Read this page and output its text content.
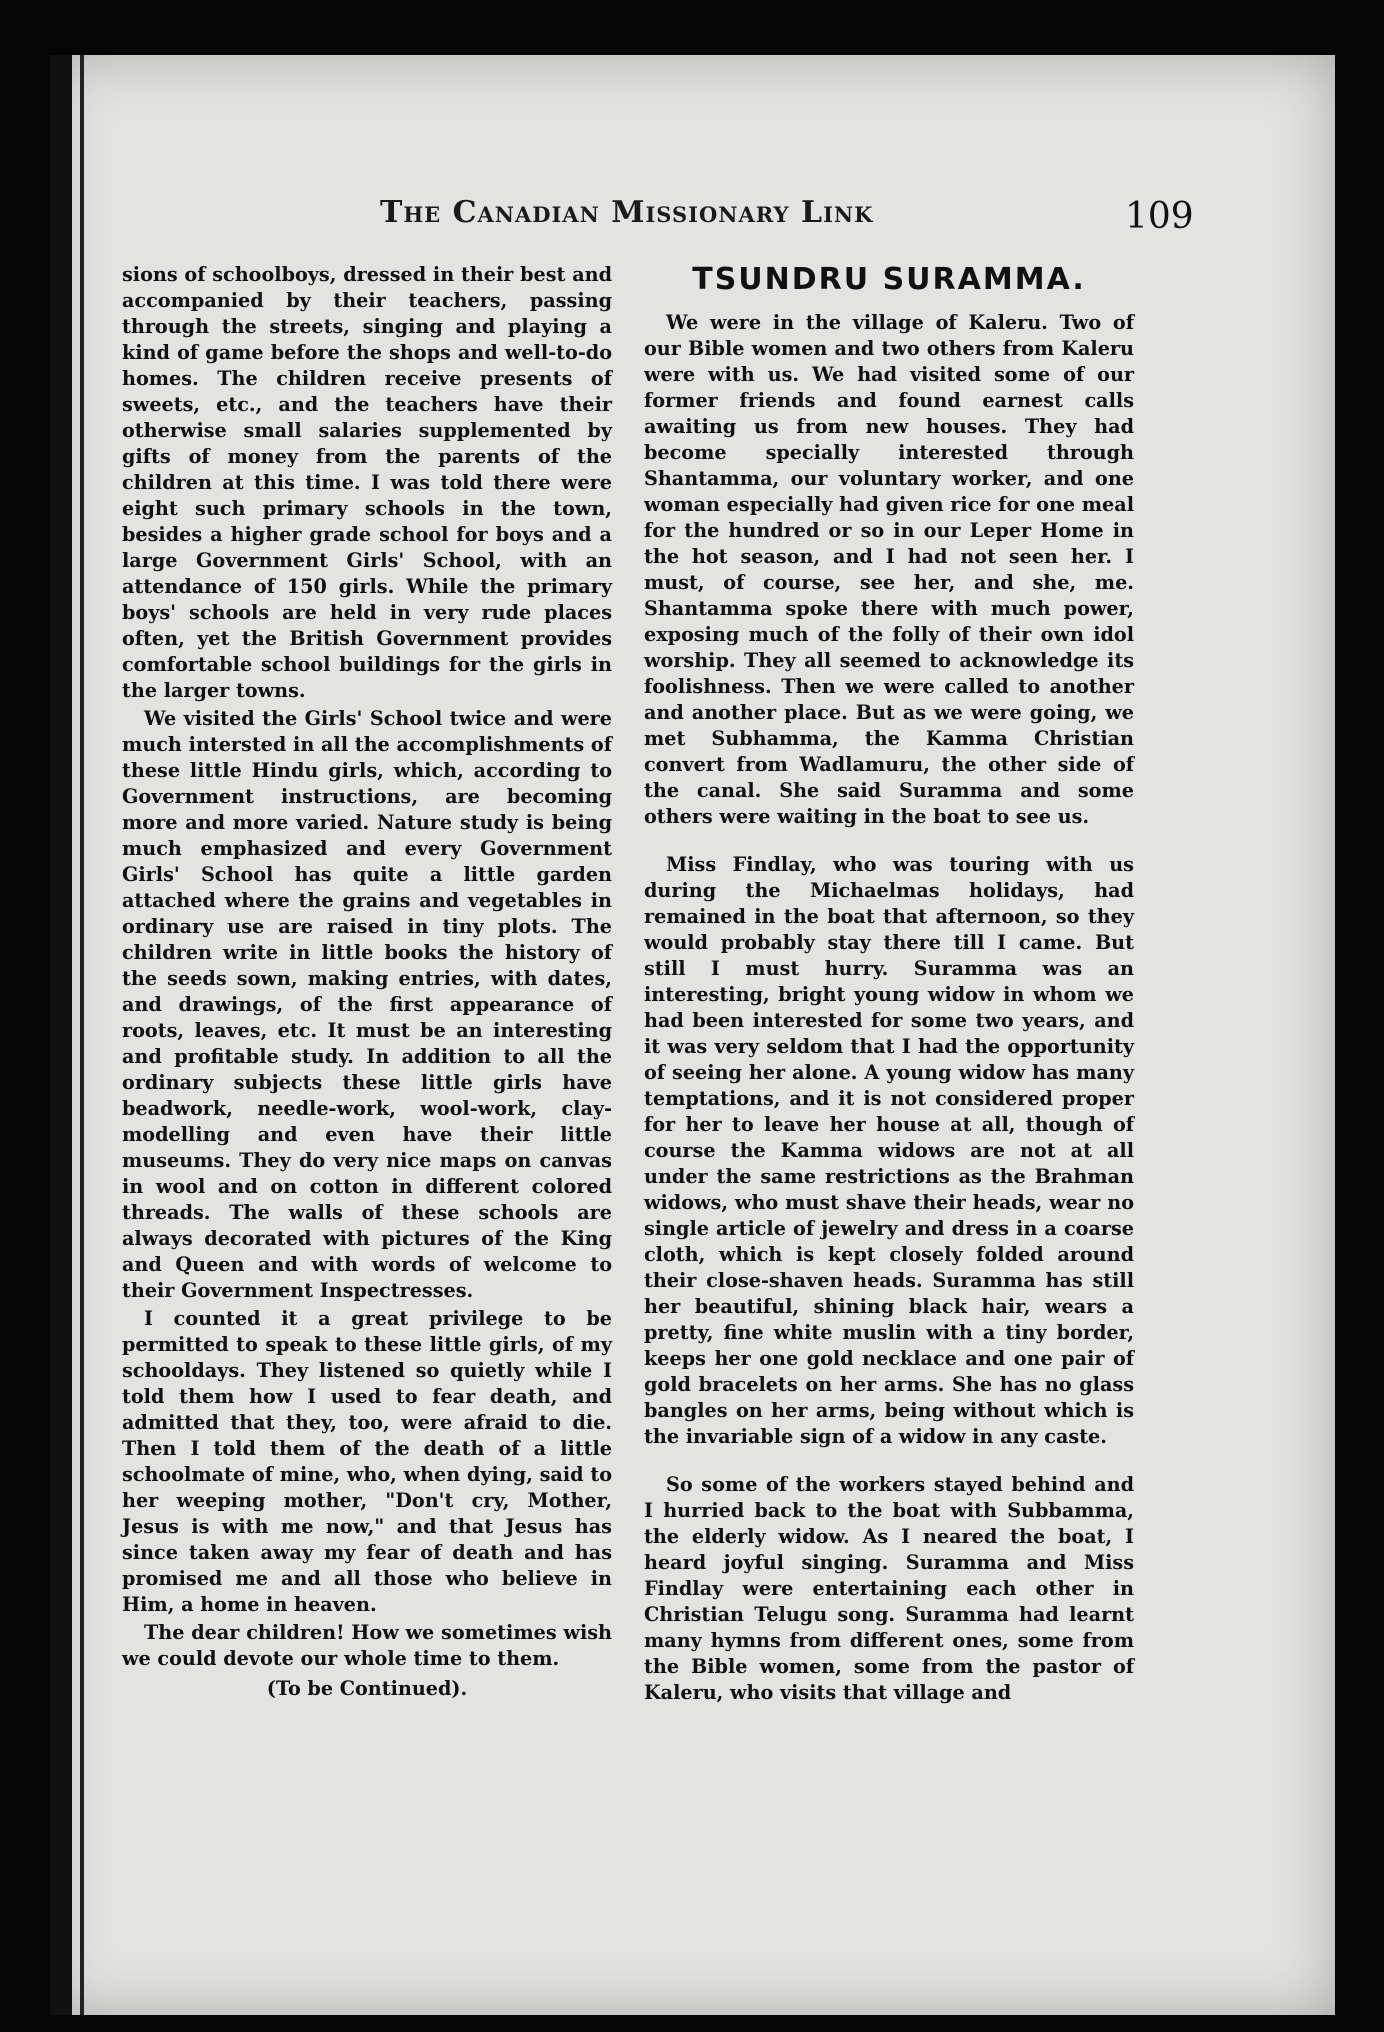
The Canadian Missionary Link	109

sions of schoolboys, dressed in their best and accompanied by their teachers, passing through the streets, singing and playing a kind of game before the shops and well-to-do homes. The children receive presents of sweets, etc., and the teachers have their otherwise small salaries supplemented by gifts of money from the parents of the children at this time. I was told there were eight such primary schools in the town, besides a higher grade school for boys and a large Government Girls' School, with an attendance of 150 girls. While the primary boys' schools are held in very rude places often, yet the British Government provides comfortable school buildings for the girls in the larger towns.

We visited the Girls' School twice and were much intersted in all the accomplishments of these little Hindu girls, which, according to Government instructions, are becoming more and more varied. Nature study is being much emphasized and every Government Girls' School has quite a little garden attached where the grains and vegetables in ordinary use are raised in tiny plots. The children write in little books the history of the seeds sown, making entries, with dates, and drawings, of the first appearance of roots, leaves, etc. It must be an interesting and profitable study. In addition to all the ordinary subjects these little girls have beadwork, needle-work, wool-work, clay-modelling and even have their little museums. They do very nice maps on canvas in wool and on cotton in different colored threads. The walls of these schools are always decorated with pictures of the King and Queen and with words of welcome to their Government Inspectresses.

I counted it a great privilege to be permitted to speak to these little girls, of my schooldays. They listened so quietly while I told them how I used to fear death, and admitted that they, too, were afraid to die. Then I told them of the death of a little schoolmate of mine, who, when dying, said to her weeping mother, "Don't cry, Mother, Jesus is with me now," and that Jesus has since taken away my fear of death and has promised me and all those who believe in Him, a home in heaven.

The dear children! How we sometimes wish we could devote our whole time to them.

(To be Continued).

TSUNDRU SURAMMA.

We were in the village of Kaleru. Two of our Bible women and two others from Kaleru were with us. We had visited some of our former friends and found earnest calls awaiting us from new houses. They had become specially interested through Shantamma, our voluntary worker, and one woman especially had given rice for one meal for the hundred or so in our Leper Home in the hot season, and I had not seen her. I must, of course, see her, and she, me. Shantamma spoke there with much power, exposing much of the folly of their own idol worship. They all seemed to acknowledge its foolishness. Then we were called to another and another place. But as we were going, we met Subhamma, the Kamma Christian convert from Wadlamuru, the other side of the canal. She said Suramma and some others were waiting in the boat to see us.

Miss Findlay, who was touring with us during the Michaelmas holidays, had remained in the boat that afternoon, so they would probably stay there till I came. But still I must hurry. Suramma was an interesting, bright young widow in whom we had been interested for some two years, and it was very seldom that I had the opportunity of seeing her alone. A young widow has many temptations, and it is not considered proper for her to leave her house at all, though of course the Kamma widows are not at all under the same restrictions as the Brahman widows, who must shave their heads, wear no single article of jewelry and dress in a coarse cloth, which is kept closely folded around their close-shaven heads. Suramma has still her beautiful, shining black hair, wears a pretty, fine white muslin with a tiny border, keeps her one gold necklace and one pair of gold bracelets on her arms. She has no glass bangles on her arms, being without which is the invariable sign of a widow in any caste.

So some of the workers stayed behind and I hurried back to the boat with Subbamma, the elderly widow. As I neared the boat, I heard joyful singing. Suramma and Miss Findlay were entertaining each other in Christian Telugu song. Suramma had learnt many hymns from different ones, some from the Bible women, some from the pastor of Kaleru, who visits that village and
